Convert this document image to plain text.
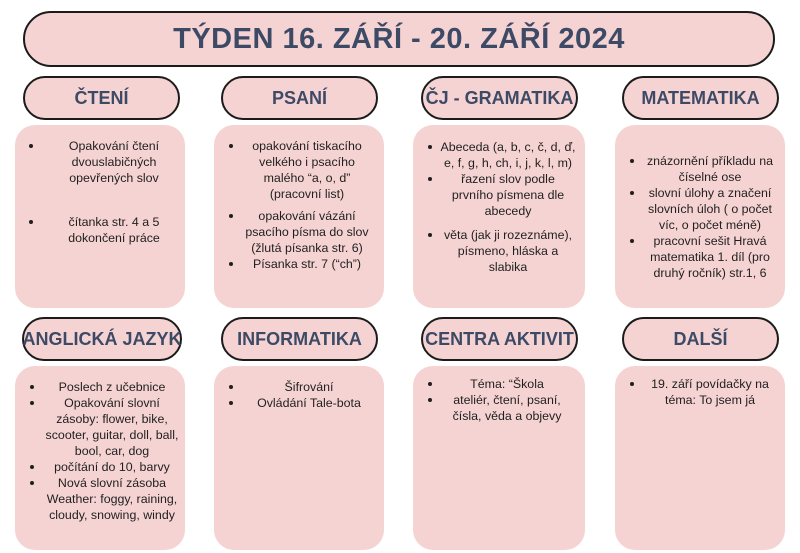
TÝDEN 16. ZÁŘÍ - 20. ZÁŘÍ 2024
ČTENÍ
Opakování čtení dvouslabičných opevřených slov
čítanka str. 4 a 5 dokončení práce
PSANÍ
opakování tiskacího velkého i psacího malého “a, o, d” (pracovní list)
opakování vázání psacího písma do slov (žlutá písanka str. 6)
Písanka str. 7 (“ch”)
ČJ - GRAMATIKA
Abeceda (a, b, c, č, d, ď, e, f, g, h, ch, i, j, k, l, m)
řazení slov podle prvního písmena dle abecedy
věta (jak ji rozeznáme), písmeno, hláska a slabika
MATEMATIKA
znázornění příkladu na číselné ose
slovní úlohy a značení slovních úloh ( o počet víc, o počet méně)
pracovní sešit Hravá matematika 1. díl (pro druhý ročník) str.1, 6
ANGLICKÁ JAZYK
Poslech z učebnice
Opakování slovní zásoby: flower, bike, scooter, guitar, doll, ball, bool, car, dog
počítání do 10, barvy
Nová slovní zásoba Weather: foggy, raining, cloudy, snowing, windy
INFORMATIKA
Šifrování
Ovládání Tale-bota
CENTRA AKTIVIT
Téma: “Škola
ateliér, čtení, psaní, čísla, věda a objevy
DALŠÍ
19. září povídačky na téma: To jsem já
